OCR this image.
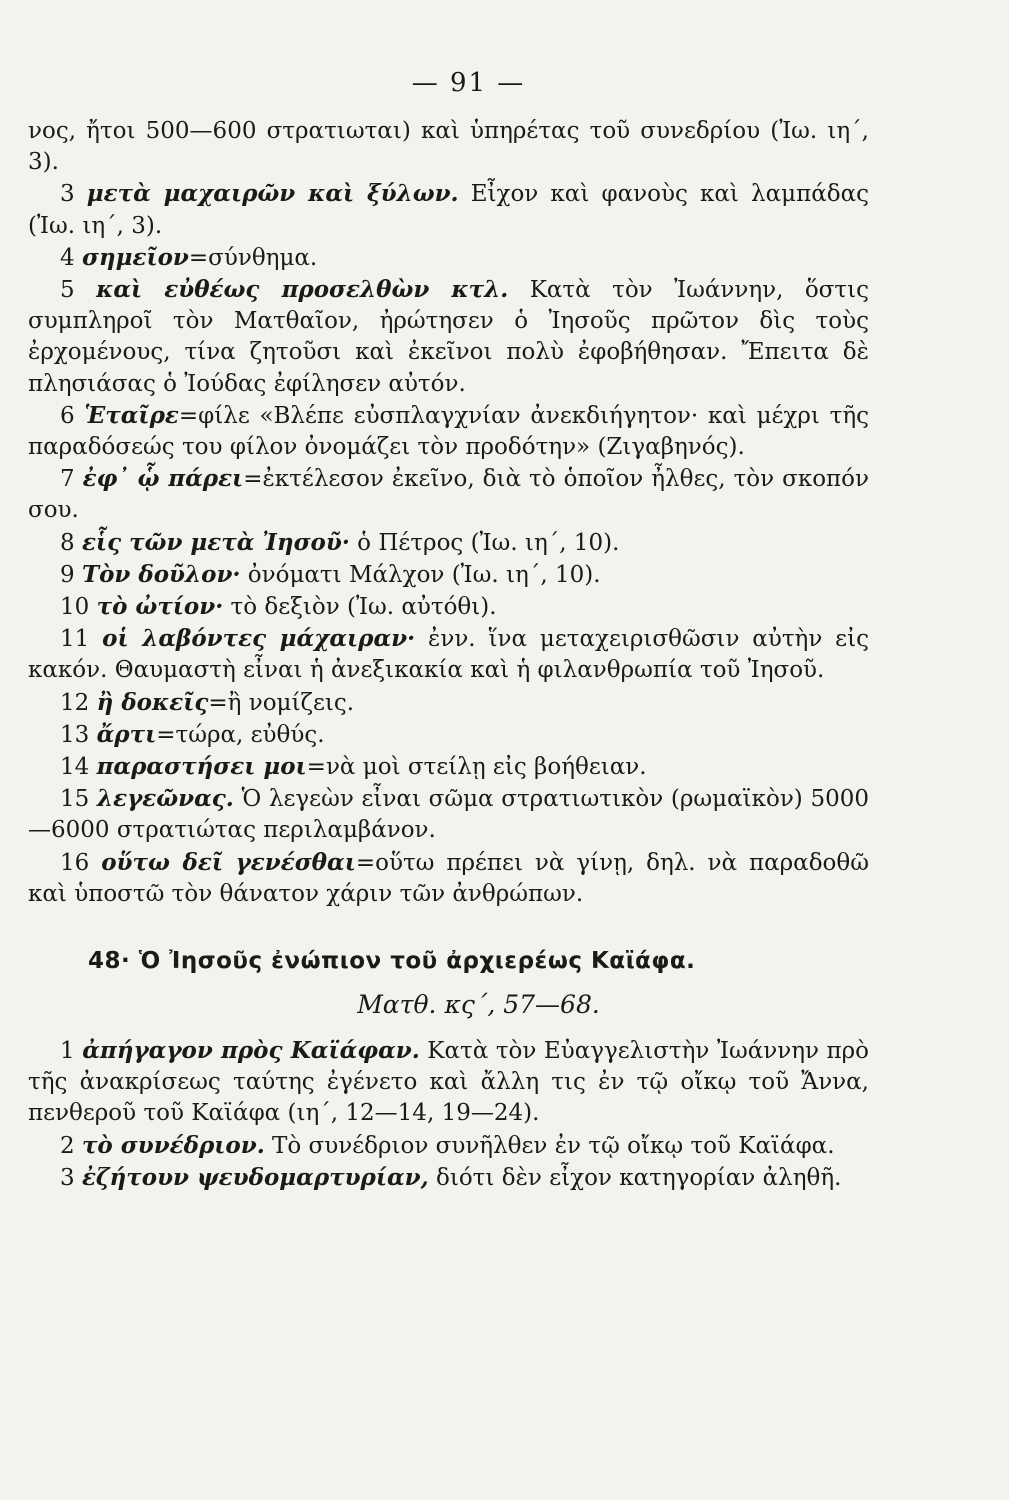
— 91 —

νος, ἤτοι 500—600 στρατιωται) καὶ ὑπηρέτας τοῦ συνεδρίου (Ἰω. ιη΄, 3).

3 μετὰ μαχαιρῶν καὶ ξύλων. Εἶχον καὶ φανοὺς καὶ λαμπάδας (Ἰω. ιη΄, 3).

4 σημεῖον=σύνθημα.

5 καὶ εὐθέως προσελθὼν κτλ. Κατὰ τὸν Ἰωάννην, ὅστις συμπληροῖ τὸν Ματθαῖον, ἠρώτησεν ὁ Ἰησοῦς πρῶτον δὶς τοὺς ἐρχομένους, τίνα ζητοῦσι καὶ ἐκεῖνοι πολὺ ἐφοβήθησαν. Ἔπειτα δὲ πλησιάσας ὁ Ἰούδας ἐφίλησεν αὐτόν.

6 Ἑταῖρε=φίλε «Βλέπε εὐσπλαγχνίαν ἀνεκδιήγητον· καὶ μέχρι τῆς παραδόσεώς του φίλον ὀνομάζει τὸν προδότην» (Ζιγαβηνός).

7 ἐφ᾽ ᾧ πάρει=ἐκτέλεσον ἐκεῖνο, διὰ τὸ ὁποῖον ἦλθες, τὸν σκοπόν σου.

8 εἷς τῶν μετὰ Ἰησοῦ· ὁ Πέτρος (Ἰω. ιη΄, 10).

9 Τὸν δοῦλον· ὀνόματι Μάλχον (Ἰω. ιη΄, 10).

10 τὸ ὠτίον· τὸ δεξιὸν (Ἰω. αὐτόθι).

11 οἱ λαβόντες μάχαιραν· ἐνν. ἵνα μεταχειρισθῶσιν αὐτὴν εἰς κακόν. Θαυμαστὴ εἶναι ἡ ἀνεξικακία καὶ ἡ φιλανθρωπία τοῦ Ἰησοῦ.

12 ἢ δοκεῖς=ἢ νομίζεις.

13 ἄρτι=τώρα, εὐθύς.

14 παραστήσει μοι=νὰ μοὶ στείλῃ εἰς βοήθειαν.

15 λεγεῶνας. Ὁ λεγεὼν εἶναι σῶμα στρατιωτικὸν (ρωμαϊκὸν) 5000—6000 στρατιώτας περιλαμβάνον.

16 οὕτω δεῖ γενέσθαι=οὕτω πρέπει νὰ γίνῃ, δηλ. νὰ παραδοθῶ καὶ ὑποστῶ τὸν θάνατον χάριν τῶν ἀνθρώπων.

48· Ὁ Ἰησοῦς ἐνώπιον τοῦ ἀρχιερέως Καϊάφα.
Ματθ. κς΄, 57—68.

1 ἀπήγαγον πρὸς Καϊάφαν. Κατὰ τὸν Εὐαγγελιστὴν Ἰωάννην πρὸ τῆς ἀνακρίσεως ταύτης ἐγένετο καὶ ἄλλη τις ἐν τῷ οἴκῳ τοῦ Ἄννα, πενθεροῦ τοῦ Καϊάφα (ιη΄, 12—14, 19—24).

2 τὸ συνέδριον. Τὸ συνέδριον συνῆλθεν ἐν τῷ οἴκῳ τοῦ Καϊάφα.

3 ἐζήτουν ψευδομαρτυρίαν, διότι δὲν εἶχον κατηγορίαν ἀληθῆ.
